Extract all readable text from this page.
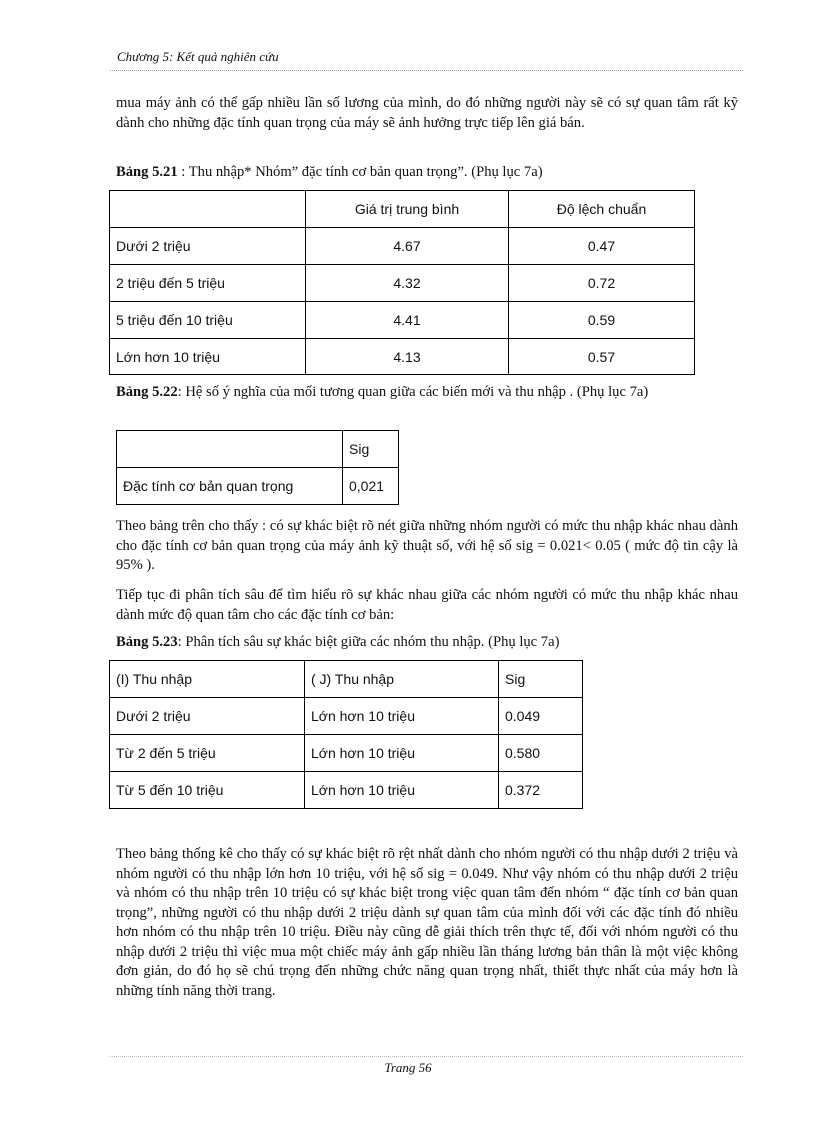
Chương 5: Kết quả nghiên cứu

mua máy ảnh có thể gấp nhiều lần số lương của mình, do đó những người này sẽ có sự quan tâm rất kỹ dành cho những đặc tính quan trọng của máy sẽ ảnh hưởng trực tiếp lên giá bán.

Bảng 5.21 : Thu nhập* Nhóm” đặc tính cơ bản quan trọng”. (Phụ lục 7a)

	Giá trị trung bình	Độ lệch chuẩn
Dưới 2 triệu	4.67	0.47
2 triệu đến 5 triệu	4.32	0.72
5 triệu đến 10 triệu	4.41	0.59
Lớn hơn 10 triệu	4.13	0.57

Bảng 5.22: Hệ số ý nghĩa của mối tương quan giữa các biến mới và thu nhập . (Phụ lục 7a)

	Sig
Đặc tính cơ bản quan trọng	0,021

Theo bảng trên cho thấy : có sự khác biệt rõ nét giữa những nhóm người có mức thu nhập khác nhau dành cho đặc tính cơ bản quan trọng của máy ảnh kỹ thuật số, với hệ số sig = 0.021< 0.05 ( mức độ tin cậy là 95% ).

Tiếp tục đi phân tích sâu để tìm hiểu rõ sự khác nhau giữa các nhóm người có mức thu nhập khác nhau dành mức độ quan tâm cho các đặc tính cơ bản:

Bảng 5.23: Phân tích sâu sự khác biệt giữa các nhóm thu nhập. (Phụ lục 7a)

(I) Thu nhập	( J) Thu nhập	Sig
Dưới 2 triệu	Lớn hơn 10 triệu	0.049
Từ 2 đến 5 triệu	Lớn hơn 10 triệu	0.580
Từ 5 đến 10 triệu	Lớn hơn 10 triệu	0.372

Theo bảng thống kê cho thấy có sự khác biệt rõ rệt nhất dành cho nhóm người có thu nhập dưới 2 triệu và nhóm người có thu nhập lớn hơn 10 triệu, với hệ số sig = 0.049. Như vậy nhóm có thu nhập dưới 2 triệu và nhóm có thu nhập trên 10 triệu có sự khác biệt trong việc quan tâm đến nhóm “ đặc tính cơ bản quan trọng”, những người có thu nhập dưới 2 triệu dành sự quan tâm của mình đối với các đặc tính đó nhiều hơn nhóm có thu nhập trên 10 triệu. Điều này cũng dễ giải thích trên thực tế, đối với nhóm người có thu nhập dưới 2 triệu thì việc mua một chiếc máy ảnh gấp nhiều lần tháng lương bản thân là một việc không đơn giản, do đó họ sẽ chú trọng đến những chức năng quan trọng nhất, thiết thực nhất của máy hơn là những tính năng thời trang.

Trang 56
